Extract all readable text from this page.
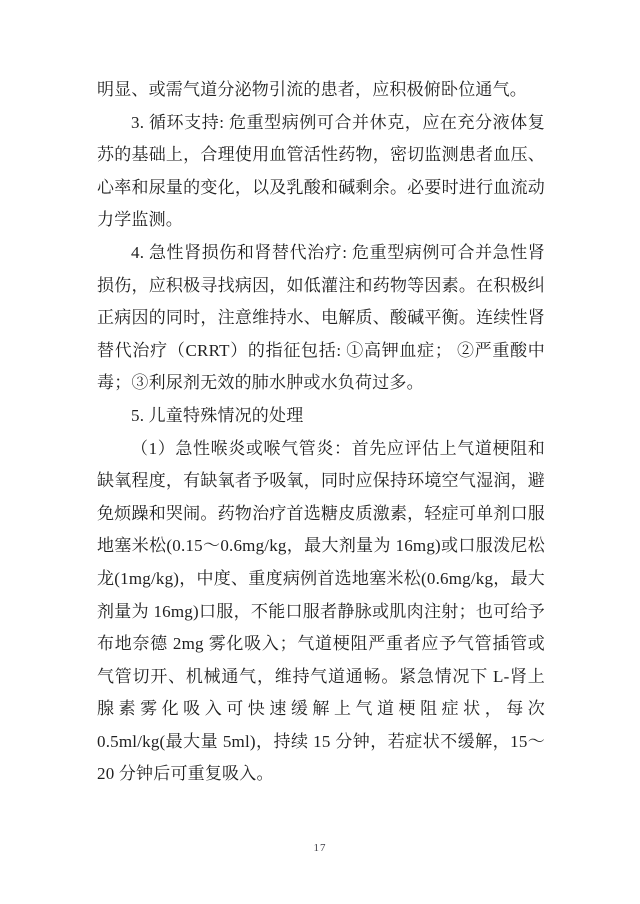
明显、或需气道分泌物引流的患者，应积极俯卧位通气。

3. 循环支持: 危重型病例可合并休克，应在充分液体复苏的基础上，合理使用血管活性药物，密切监测患者血压、心率和尿量的变化，以及乳酸和碱剩余。必要时进行血流动力学监测。

4. 急性肾损伤和肾替代治疗: 危重型病例可合并急性肾损伤，应积极寻找病因，如低灌注和药物等因素。在积极纠正病因的同时，注意维持水、电解质、酸碱平衡。连续性肾替代治疗（CRRT）的指征包括: ①高钾血症； ②严重酸中毒；③利尿剂无效的肺水肿或水负荷过多。

5. 儿童特殊情况的处理

（1）急性喉炎或喉气管炎：首先应评估上气道梗阻和缺氧程度，有缺氧者予吸氧，同时应保持环境空气湿润，避免烦躁和哭闹。药物治疗首选糖皮质激素，轻症可单剂口服地塞米松(0.15～0.6mg/kg，最大剂量为 16mg)或口服泼尼松龙(1mg/kg)，中度、重度病例首选地塞米松(0.6mg/kg，最大剂量为 16mg)口服，不能口服者静脉或肌肉注射；也可给予布地奈德 2mg 雾化吸入；气道梗阻严重者应予气管插管或气管切开、机械通气，维持气道通畅。紧急情况下 L-肾上腺素雾化吸入可快速缓解上气道梗阻症状，每次 0.5ml/kg(最大量 5ml)，持续 15 分钟，若症状不缓解，15～20 分钟后可重复吸入。

17
